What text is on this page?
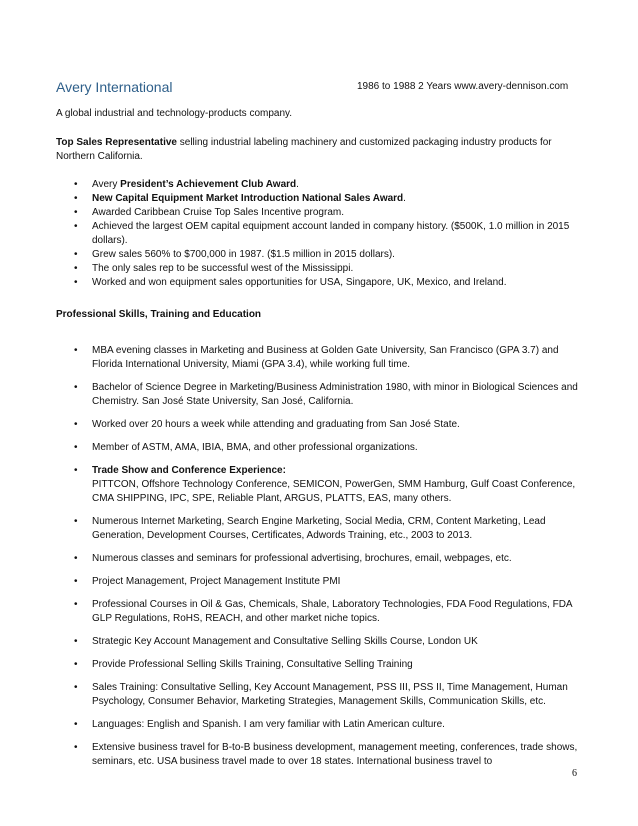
Avery International	1986 to 1988 2 Years www.avery-dennison.com
A global industrial and technology-products company.
Top Sales Representative selling industrial labeling machinery and customized packaging industry products for Northern California.
• Avery President’s Achievement Club Award.
• New Capital Equipment Market Introduction National Sales Award.
• Awarded Caribbean Cruise Top Sales Incentive program.
• Achieved the largest OEM capital equipment account landed in company history. ($500K, 1.0 million in 2015 dollars).
• Grew sales 560% to $700,000 in 1987. ($1.5 million in 2015 dollars).
• The only sales rep to be successful west of the Mississippi.
• Worked and won equipment sales opportunities for USA, Singapore, UK, Mexico, and Ireland.
Professional Skills, Training and Education
• MBA evening classes in Marketing and Business at Golden Gate University, San Francisco (GPA 3.7) and Florida International University, Miami (GPA 3.4), while working full time.
• Bachelor of Science Degree in Marketing/Business Administration 1980, with minor in Biological Sciences and Chemistry. San José State University, San José, California.
• Worked over 20 hours a week while attending and graduating from San José State.
• Member of ASTM, AMA, IBIA, BMA, and other professional organizations.
• Trade Show and Conference Experience:
PITTCON, Offshore Technology Conference, SEMICON, PowerGen, SMM Hamburg, Gulf Coast Conference, CMA SHIPPING, IPC, SPE, Reliable Plant, ARGUS, PLATTS, EAS, many others.
• Numerous Internet Marketing, Search Engine Marketing, Social Media, CRM, Content Marketing, Lead Generation, Development Courses, Certificates, Adwords Training, etc., 2003 to 2013.
• Numerous classes and seminars for professional advertising, brochures, email, webpages, etc.
• Project Management, Project Management Institute PMI
• Professional Courses in Oil & Gas, Chemicals, Shale, Laboratory Technologies, FDA Food Regulations, FDA GLP Regulations, RoHS, REACH, and other market niche topics.
• Strategic Key Account Management and Consultative Selling Skills Course, London UK
• Provide Professional Selling Skills Training, Consultative Selling Training
• Sales Training: Consultative Selling, Key Account Management, PSS III, PSS II, Time Management, Human Psychology, Consumer Behavior, Marketing Strategies, Management Skills, Communication Skills, etc.
• Languages: English and Spanish. I am very familiar with Latin American culture.
• Extensive business travel for B-to-B business development, management meeting, conferences, trade shows, seminars, etc. USA business travel made to over 18 states. International business travel to
6
